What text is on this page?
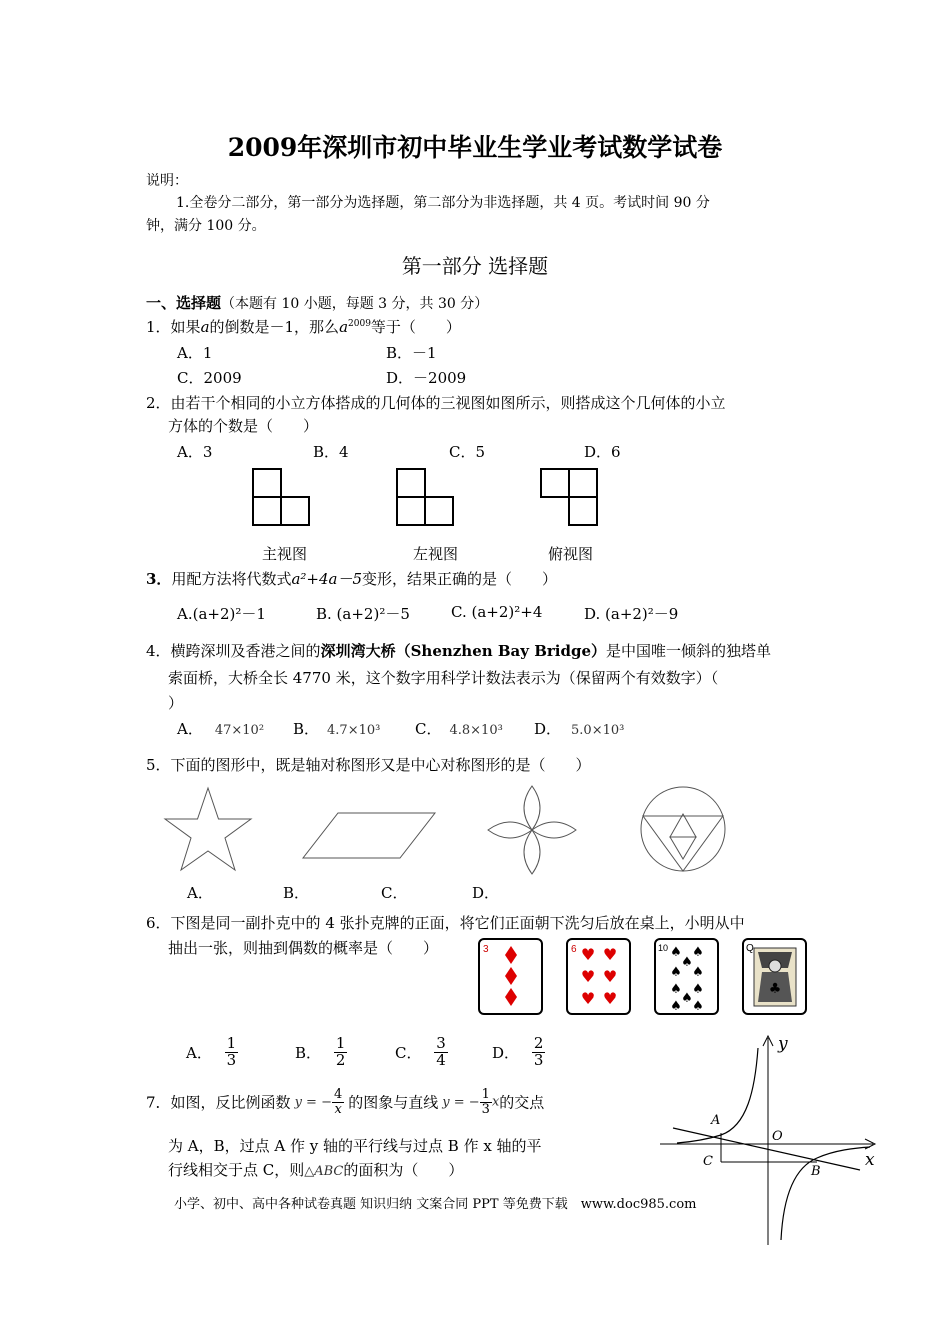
2009年深圳市初中毕业生学业考试数学试卷
说明：
1.全卷分二部分，第一部分为选择题，第二部分为非选择题，共 4 页。考试时间 90 分
钟，满分 100 分。
第一部分 选择题
一、选择题（本题有 10 小题，每题 3 分，共 30 分）
1．如果a的倒数是－1，那么$a^{2009}$等于（　　）
A．1	B．－1
C．2009	D．－2009
2．由若干个相同的小立方体搭成的几何体的三视图如图所示，则搭成这个几何体的小立
方体的个数是（　　）
A．3	B．4	C．5	D．6
主视图	左视图	俯视图
3．用配方法将代数式a²+4a－5变形，结果正确的是（　　）
A.(a+2)²－1	B. (a+2)²－5	C. (a+2)²+4	D. (a+2)²－9
4．横跨深圳及香港之间的深圳湾大桥（Shenzhen Bay Bridge）是中国唯一倾斜的独塔单
索面桥，大桥全长 4770 米，这个数字用科学计数法表示为（保留两个有效数字）（
）
A． 47×10² B． 4.7×10³ C． 4.8×10³ D． 5.0×10³
5．下面的图形中，既是轴对称图形又是中心对称图形的是（　　）
A．	B．	C．	D．
6．下图是同一副扑克中的 4 张扑克牌的正面，将它们正面朝下洗匀后放在桌上，小明从中
抽出一张，则抽到偶数的概率是（　　）	3	6 ♥ ♥
♥ ♥
♥ ♥
10 ♠ ♠
♠
♠ ♠
♠ ♠
♠
♠ ♠
Q
♣
A． $\frac{1}{3}$	B． $\frac{1}{2}$	C． $\frac{3}{4}$	D． $\frac{2}{3}$
7．如图，反比例函数 y = − $\frac{4}{x}$ 的图象与直线 y = − $\frac{1}{3}$ x的交点
为 A，B，过点 A 作 y 轴的平行线与过点 B 作 x 轴的平
行线相交于点 C，则△ABC的面积为（　　）
y
x
A
O
C
B
小学、初中、高中各种试卷真题 知识归纳 文案合同 PPT 等免费下载　www.doc985.com
